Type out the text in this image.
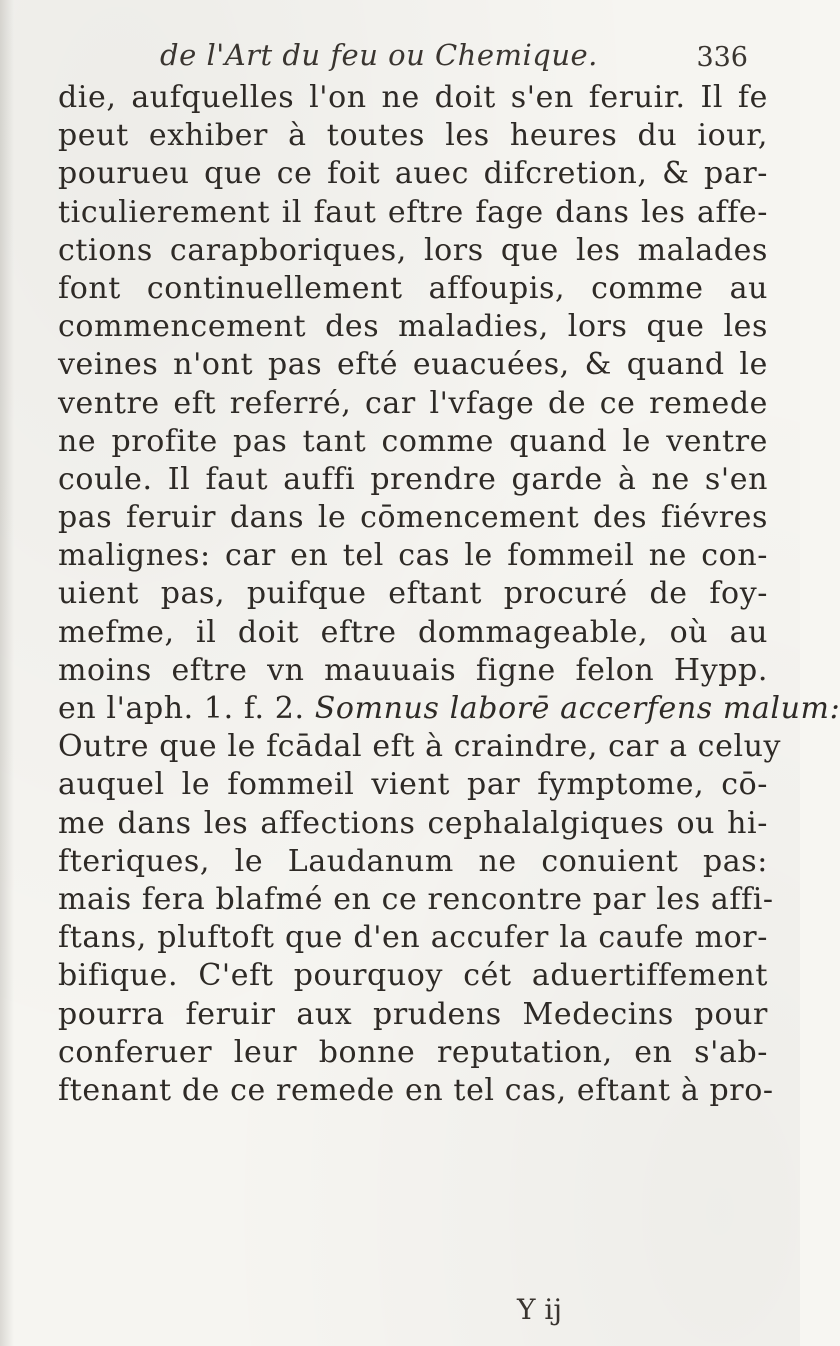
de l'Art du feu ou Chemique.	336
die, aufquelles l'on ne doit s'en feruir. Il fe
peut exhiber à toutes les heures du iour,
pourueu que ce foit auec difcretion, & par-
ticulierement il faut eftre fage dans les affe-
ctions carapboriques, lors que les malades
font continuellement affoupis, comme au
commencement des maladies, lors que les
veines n'ont pas efté euacuées, & quand le
ventre eft referré, car l'vfage de ce remede
ne profite pas tant comme quand le ventre
coule. Il faut auffi prendre garde à ne s'en
pas feruir dans le cōmencement des fiévres
malignes: car en tel cas le fommeil ne con-
uient pas, puifque eftant procuré de foy-
mefme, il doit eftre dommageable, où au
moins eftre vn mauuais figne felon Hypp.
en l'aph. 1. f. 2. Somnus laborē accerfens malum:
Outre que le fcādal eft à craindre, car a celuy
auquel le fommeil vient par fymptome, cō-
me dans les affections cephalalgiques ou hi-
fteriques, le Laudanum ne conuient pas:
mais fera blafmé en ce rencontre par les affi-
ftans, pluftoft que d'en accufer la caufe mor-
bifique. C'eft pourquoy cét aduertiffement
pourra feruir aux prudens Medecins pour
conferuer leur bonne reputation, en s'ab-
ftenant de ce remede en tel cas, eftant à pro-
Y ij
